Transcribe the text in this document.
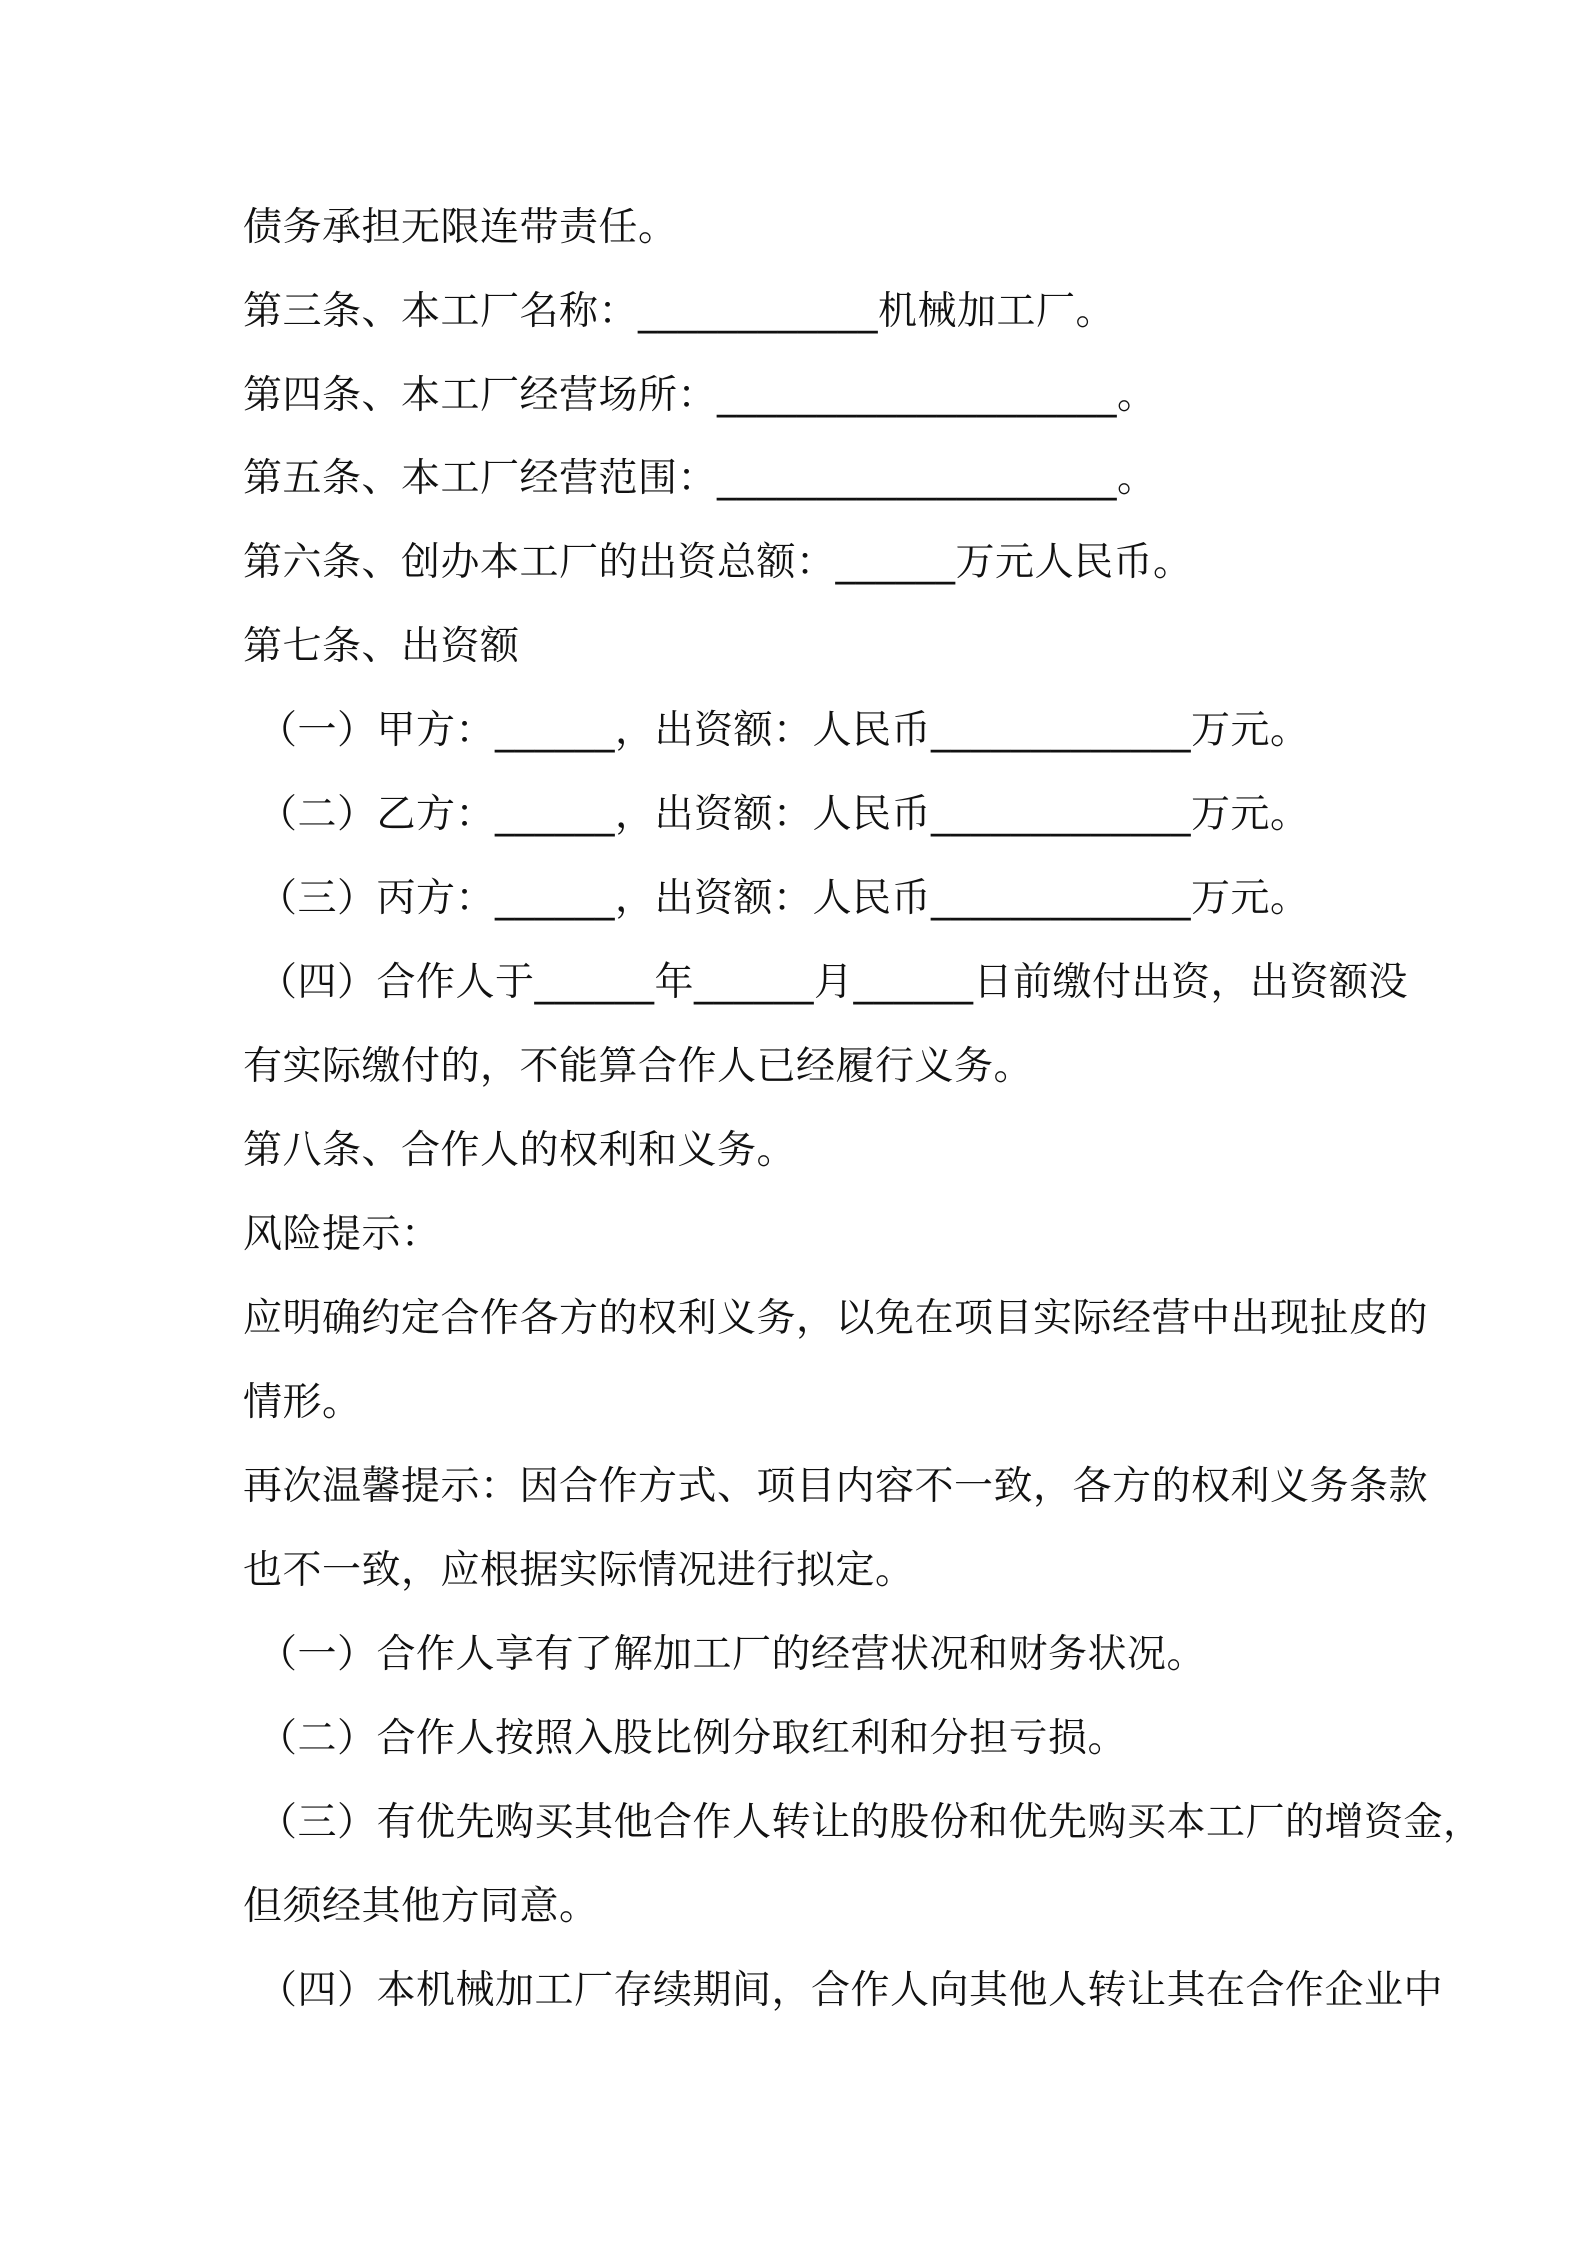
债务承担无限连带责任。
第三条、本工厂名称：____________机械加工厂。
第四条、本工厂经营场所：____________________。
第五条、本工厂经营范围：____________________。
第六条、创办本工厂的出资总额：______万元人民币。
第七条、出资额
（一）甲方：______，出资额：人民币_____________万元。
（二）乙方：______，出资额：人民币_____________万元。
（三）丙方：______，出资额：人民币_____________万元。
（四）合作人于______年______月______日前缴付出资，出资额没
有实际缴付的，不能算合作人已经履行义务。
第八条、合作人的权利和义务。
风险提示：
应明确约定合作各方的权利义务，以免在项目实际经营中出现扯皮的
情形。
再次温馨提示：因合作方式、项目内容不一致，各方的权利义务条款
也不一致，应根据实际情况进行拟定。
（一）合作人享有了解加工厂的经营状况和财务状况。
（二）合作人按照入股比例分取红利和分担亏损。
（三）有优先购买其他合作人转让的股份和优先购买本工厂的增资金，
但须经其他方同意。
（四）本机械加工厂存续期间，合作人向其他人转让其在合作企业中
